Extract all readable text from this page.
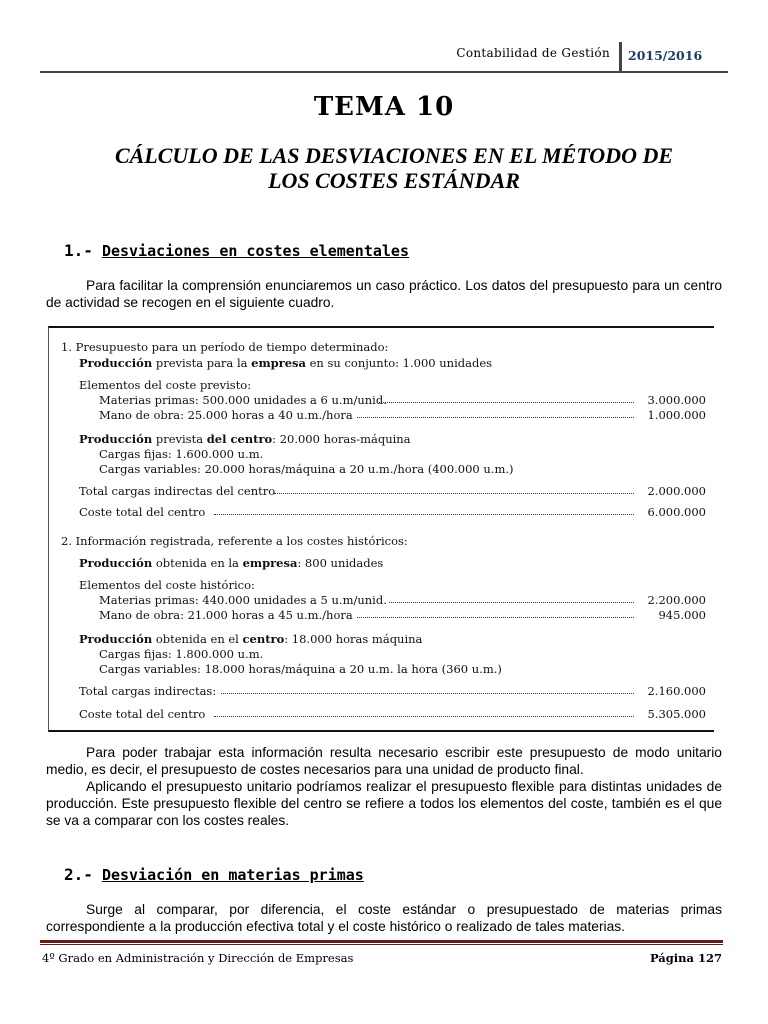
Contabilidad de Gestión 2015/2016
TEMA 10
CÁLCULO DE LAS DESVIACIONES EN EL MÉTODO DE
LOS COSTES ESTÁNDAR
1.- Desviaciones en costes elementales
Para facilitar la comprensión enunciaremos un caso práctico. Los datos del presupuesto para un centro de actividad se recogen en el siguiente cuadro.
1. Presupuesto para un período de tiempo determinado:
Producción prevista para la empresa en su conjunto: 1.000 unidades
Elementos del coste previsto:
Materias primas: 500.000 unidades a 6 u.m/unid.	3.000.000
Mano de obra: 25.000 horas a 40 u.m./hora	1.000.000
Producción prevista del centro: 20.000 horas-máquina
Cargas fijas: 1.600.000 u.m.
Cargas variables: 20.000 horas/máquina a 20 u.m./hora (400.000 u.m.)
Total cargas indirectas del centro	2.000.000
Coste total del centro	6.000.000
2. Información registrada, referente a los costes históricos:
Producción obtenida en la empresa: 800 unidades
Elementos del coste histórico:
Materias primas: 440.000 unidades a 5 u.m/unid.	2.200.000
Mano de obra: 21.000 horas a 45 u.m./hora	945.000
Producción obtenida en el centro: 18.000 horas máquina
Cargas fijas: 1.800.000 u.m.
Cargas variables: 18.000 horas/máquina a 20 u.m. la hora (360 u.m.)
Total cargas indirectas:	2.160.000
Coste total del centro	5.305.000
Para poder trabajar esta información resulta necesario escribir este presupuesto de modo unitario medio, es decir, el presupuesto de costes necesarios para una unidad de producto final.
Aplicando el presupuesto unitario podríamos realizar el presupuesto flexible para distintas unidades de producción. Este presupuesto flexible del centro se refiere a todos los elementos del coste, también es el que se va a comparar con los costes reales.
2.- Desviación en materias primas
Surge al comparar, por diferencia, el coste estándar o presupuestado de materias primas correspondiente a la producción efectiva total y el coste histórico o realizado de tales materias.
4º Grado en Administración y Dirección de Empresas	Página 127
